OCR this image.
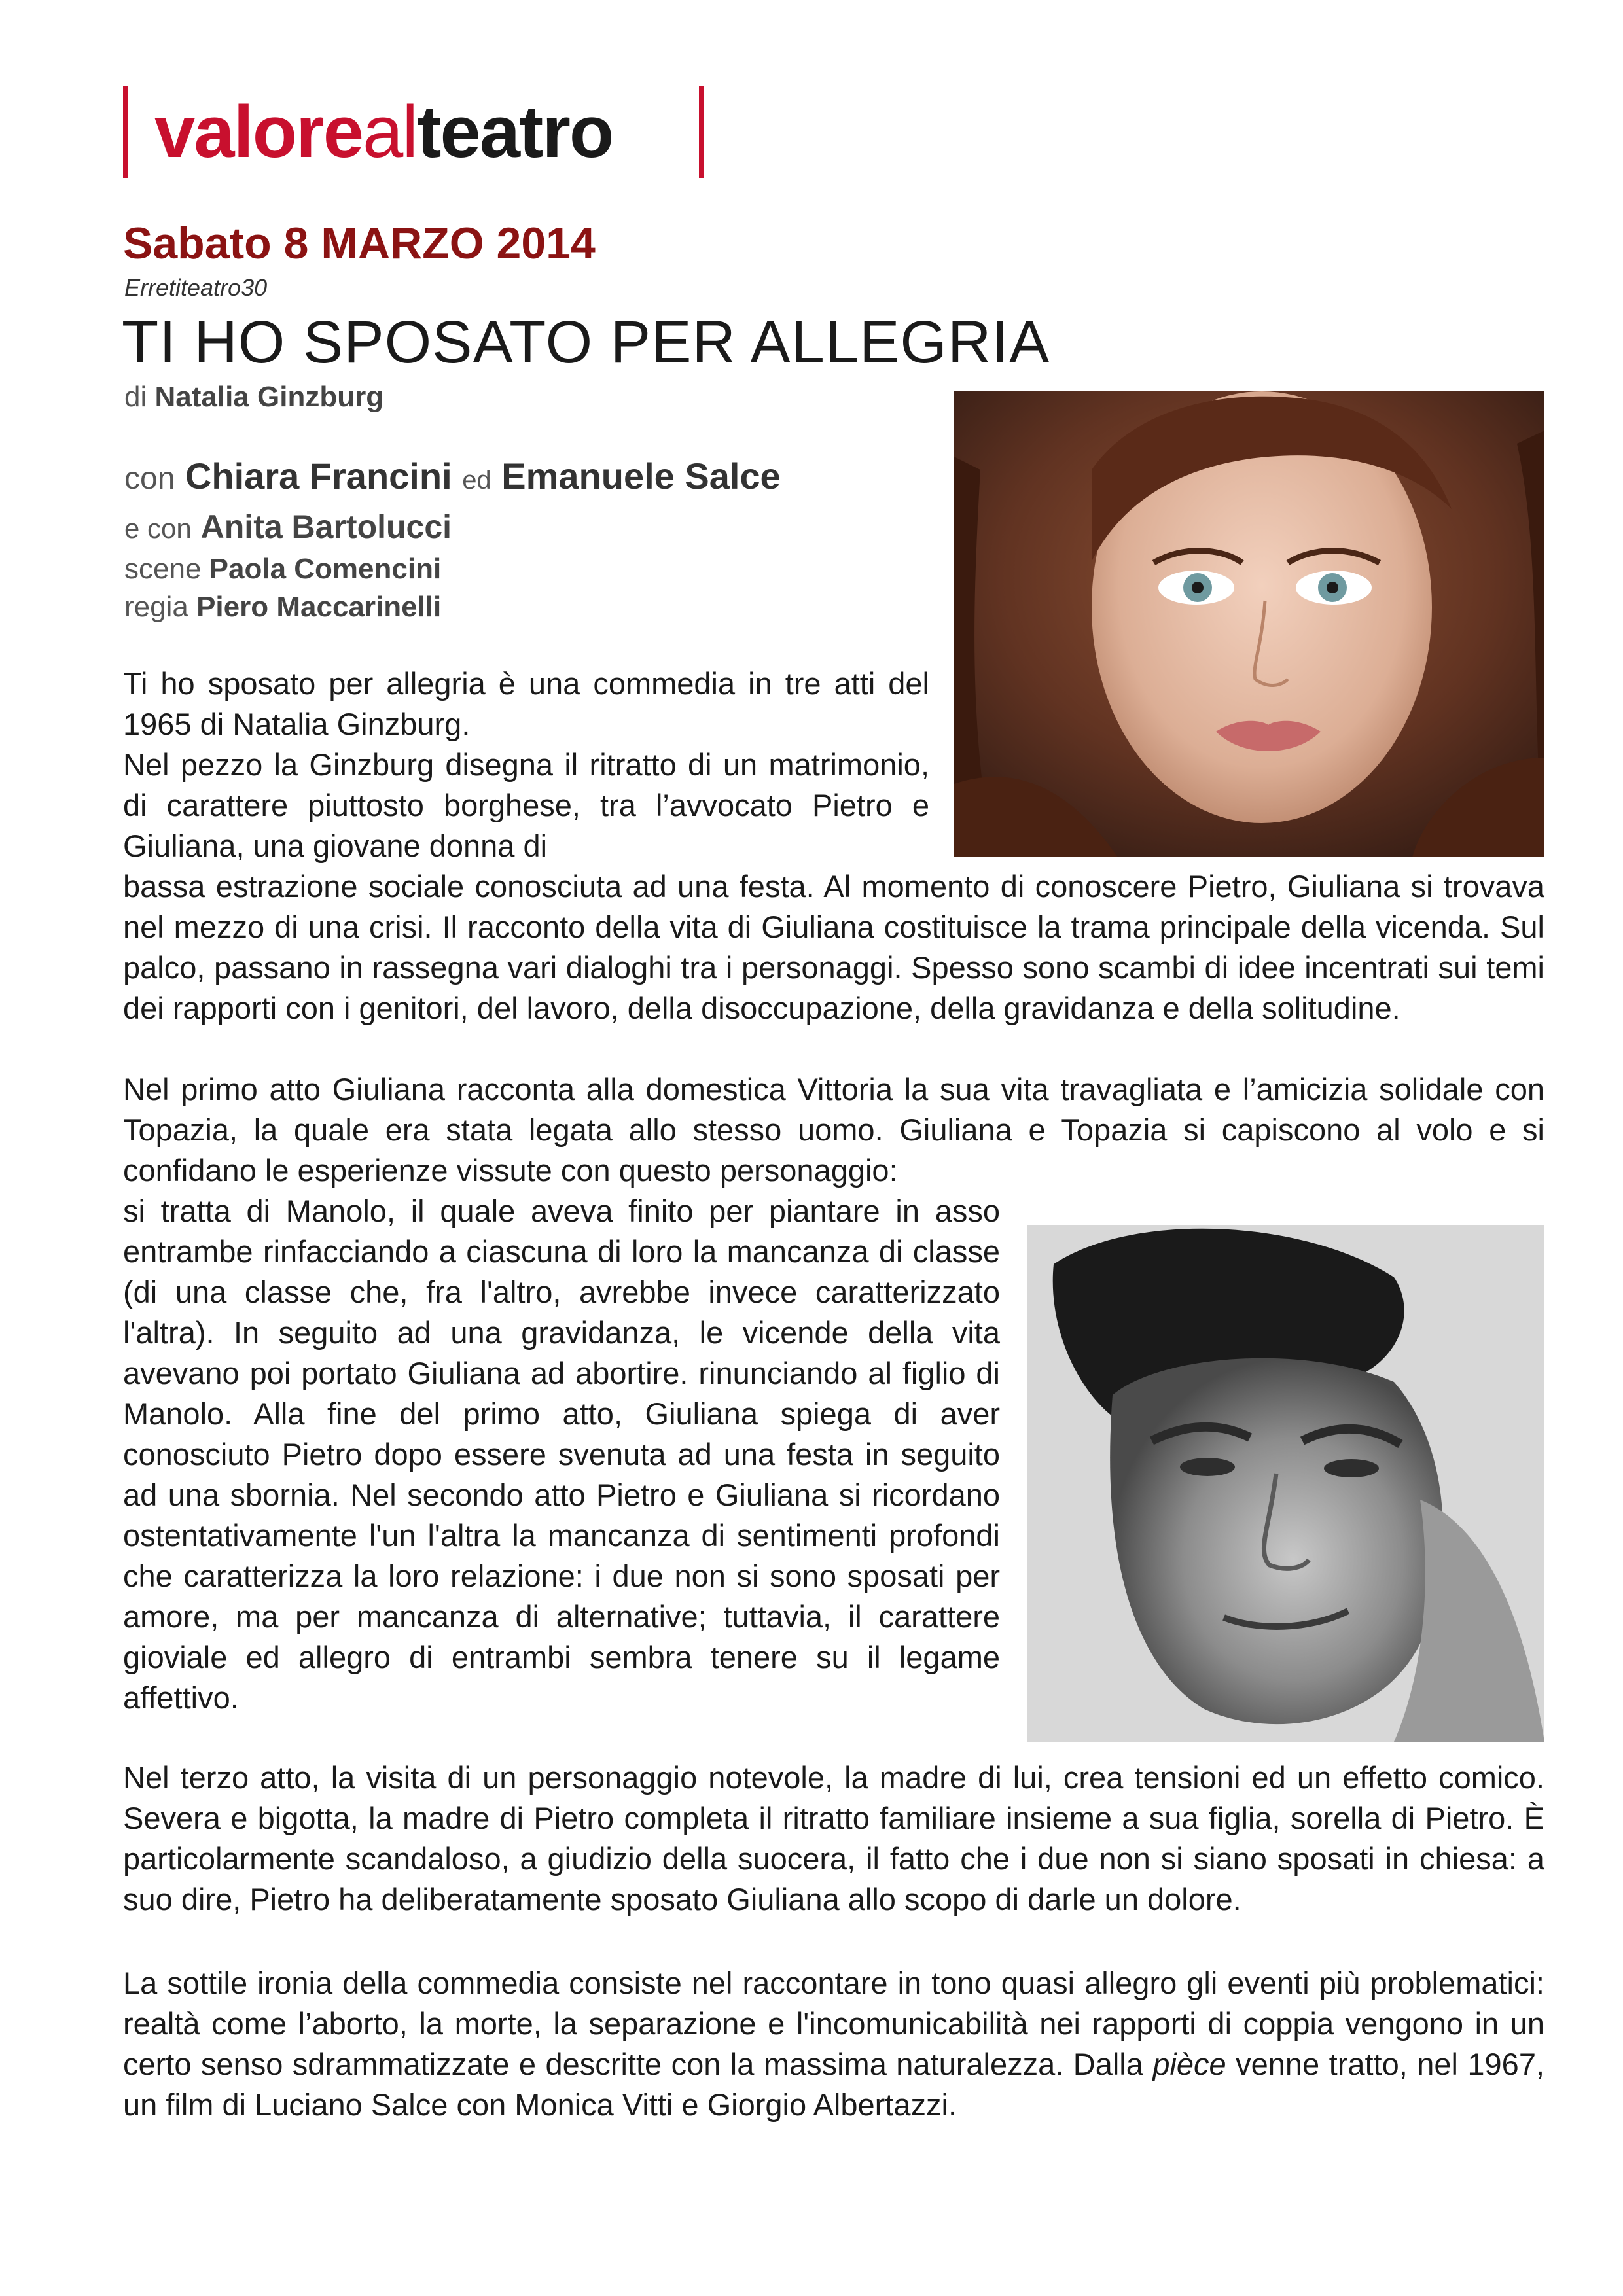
valorealteatro
Sabato 8 MARZO 2014
Erretiteatro30
TI HO SPOSATO PER ALLEGRIA
di Natalia Ginzburg
con Chiara Francini ed Emanuele Salce
e con Anita Bartolucci
scene Paola Comencini
regia Piero Maccarinelli
Ti ho sposato per allegria è una commedia in tre atti del 1965 di Natalia Ginzburg.
Nel pezzo la Ginzburg disegna il ritratto di un matrimonio, di carattere piuttosto borghese, tra l’avvocato Pietro e Giuliana, una giovane donna di
bassa estrazione sociale conosciuta ad una festa. Al momento di conoscere Pietro, Giuliana si trovava nel mezzo di una crisi. Il racconto della vita di Giuliana costituisce la trama principale della vicenda. Sul palco, passano in rassegna vari dialoghi tra i personaggi. Spesso sono scambi di idee incentrati sui temi dei rapporti con i genitori, del lavoro, della disoccupazione, della gravidanza e della solitudine.
Nel primo atto Giuliana racconta alla domestica Vittoria la sua vita travagliata e l’amicizia solidale con Topazia, la quale era stata legata allo stesso uomo. Giuliana e Topazia si capiscono al volo e si confidano le esperienze vissute con questo personaggio:
si tratta di Manolo, il quale aveva finito per piantare in asso entrambe rinfacciando a ciascuna di loro la mancanza di classe (di una classe che, fra l'altro, avrebbe invece caratterizzato l'altra). In seguito ad una gravidanza, le vicende della vita avevano poi portato Giuliana ad abortire. rinunciando al figlio di Manolo. Alla fine del primo atto, Giuliana spiega di aver conosciuto Pietro dopo essere svenuta ad una festa in seguito ad una sbornia. Nel secondo atto Pietro e Giuliana si ricordano ostentativamente l'un l'altra la mancanza di sentimenti profondi che caratterizza la loro relazione: i due non si sono sposati per amore, ma per mancanza di alternative; tuttavia, il carattere gioviale ed allegro di entrambi sembra tenere su il legame affettivo.
Nel terzo atto, la visita di un personaggio notevole, la madre di lui, crea tensioni ed un effetto comico. Severa e bigotta, la madre di Pietro completa il ritratto familiare insieme a sua figlia, sorella di Pietro. È particolarmente scandaloso, a giudizio della suocera, il fatto che i due non si siano sposati in chiesa: a suo dire, Pietro ha deliberatamente sposato Giuliana allo scopo di darle un dolore.
La sottile ironia della commedia consiste nel raccontare in tono quasi allegro gli eventi più problematici: realtà come l’aborto, la morte, la separazione e l'incomunicabilità nei rapporti di coppia vengono in un certo senso sdrammatizzate e descritte con la massima naturalezza. Dalla pièce venne tratto, nel 1967, un film di Luciano Salce con Monica Vitti e Giorgio Albertazzi.
